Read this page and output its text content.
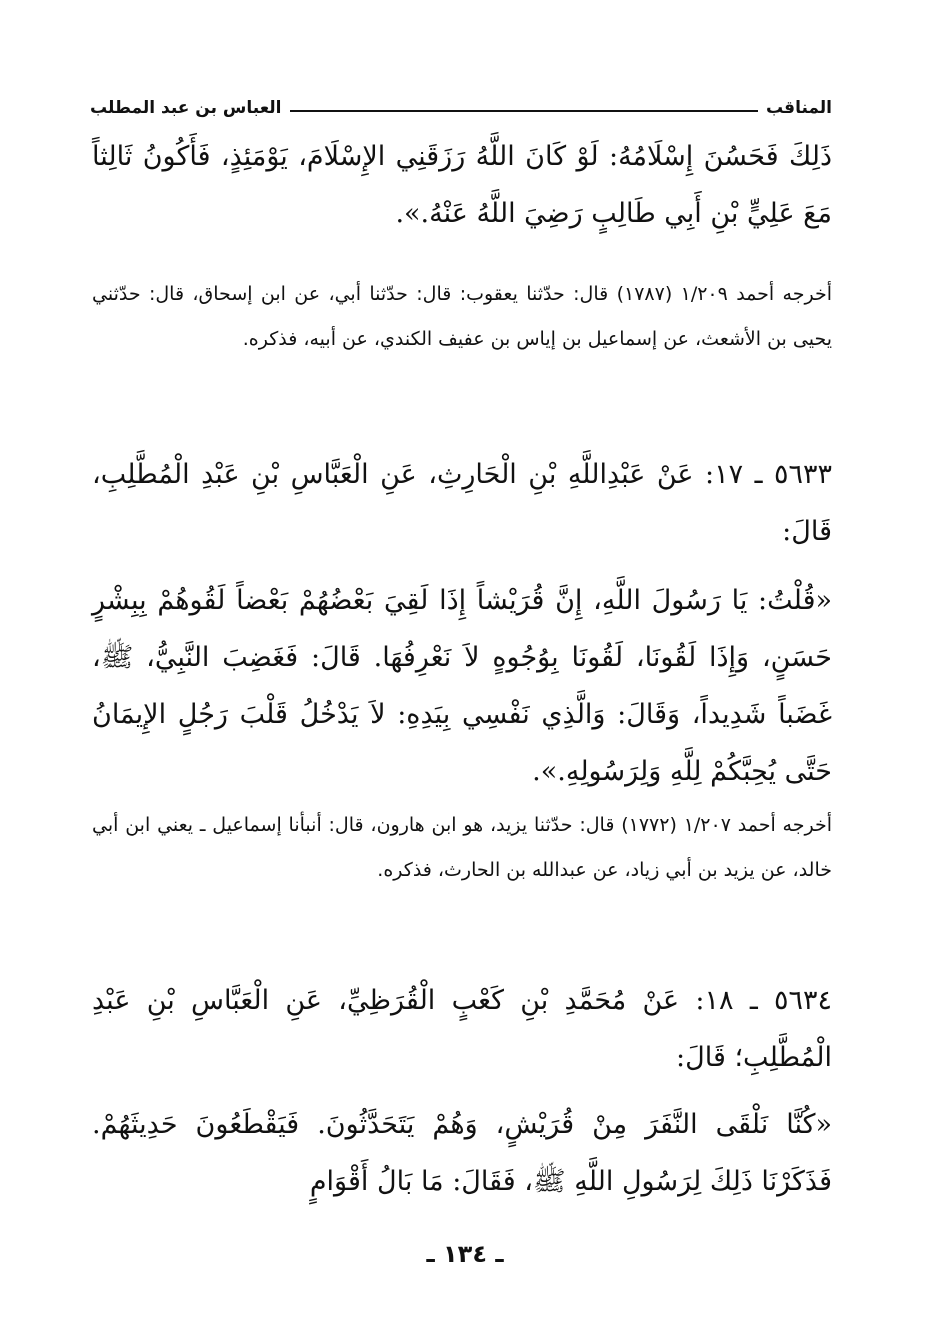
المناقب
العباس بن عبد المطلب

ذَلِكَ فَحَسُنَ إِسْلَامُهُ: لَوْ كَانَ اللَّهُ رَزَقَنِي الإِسْلَامَ، يَوْمَئِذٍ، فَأَكُونُ ثَالِثاً مَعَ عَلِيٍّ بْنِ أَبِي طَالِبٍ رَضِيَ اللَّهُ عَنْهُ.».

أخرجه أحمد ١/٢٠٩ (١٧٨٧) قال: حدّثنا يعقوب: قال: حدّثنا أبي، عن ابن إسحاق، قال: حدّثني يحيى بن الأشعث، عن إسماعيل بن إياس بن عفيف الكندي، عن أبيه، فذكره.

٥٦٣٣ ـ ١٧: عَنْ عَبْدِاللَّهِ بْنِ الْحَارِثِ، عَنِ الْعَبَّاسِ بْنِ عَبْدِ الْمُطَّلِبِ، قَالَ:

«قُلْتُ: يَا رَسُولَ اللَّهِ، إِنَّ قُرَيْشاً إِذَا لَقِيَ بَعْضُهُمْ بَعْضاً لَقُوهُمْ بِبِشْرٍ حَسَنٍ، وَإِذَا لَقُونَا، لَقُونَا بِوُجُوهٍ لاَ نَعْرِفُهَا. قَالَ: فَغَضِبَ النَّبِيُّ، ﷺ، غَضَباً شَدِيداً، وَقَالَ: وَالَّذِي نَفْسِي بِيَدِهِ: لاَ يَدْخُلُ قَلْبَ رَجُلٍ الإِيمَانُ حَتَّى يُحِبَّكُمْ لِلَّهِ وَلِرَسُولِهِ.».

أخرجه أحمد ١/٢٠٧ (١٧٧٢) قال: حدّثنا يزيد، هو ابن هارون، قال: أنبأنا إسماعيل ـ يعني ابن أبي خالد، عن يزيد بن أبي زياد، عن عبدالله بن الحارث، فذكره.

٥٦٣٤ ـ ١٨: عَنْ مُحَمَّدِ بْنِ كَعْبٍ الْقُرَظِيِّ، عَنِ الْعَبَّاسِ بْنِ عَبْدِ الْمُطَّلِبِ؛ قَالَ:

«كُنَّا نَلْقَى النَّفَرَ مِنْ قُرَيْشٍ، وَهُمْ يَتَحَدَّثُونَ. فَيَقْطَعُونَ حَدِيثَهُمْ. فَذَكَرْنَا ذَلِكَ لِرَسُولِ اللَّهِ ﷺ، فَقَالَ: مَا بَالُ أَقْوَامٍ

ـ ١٣٤ ـ
